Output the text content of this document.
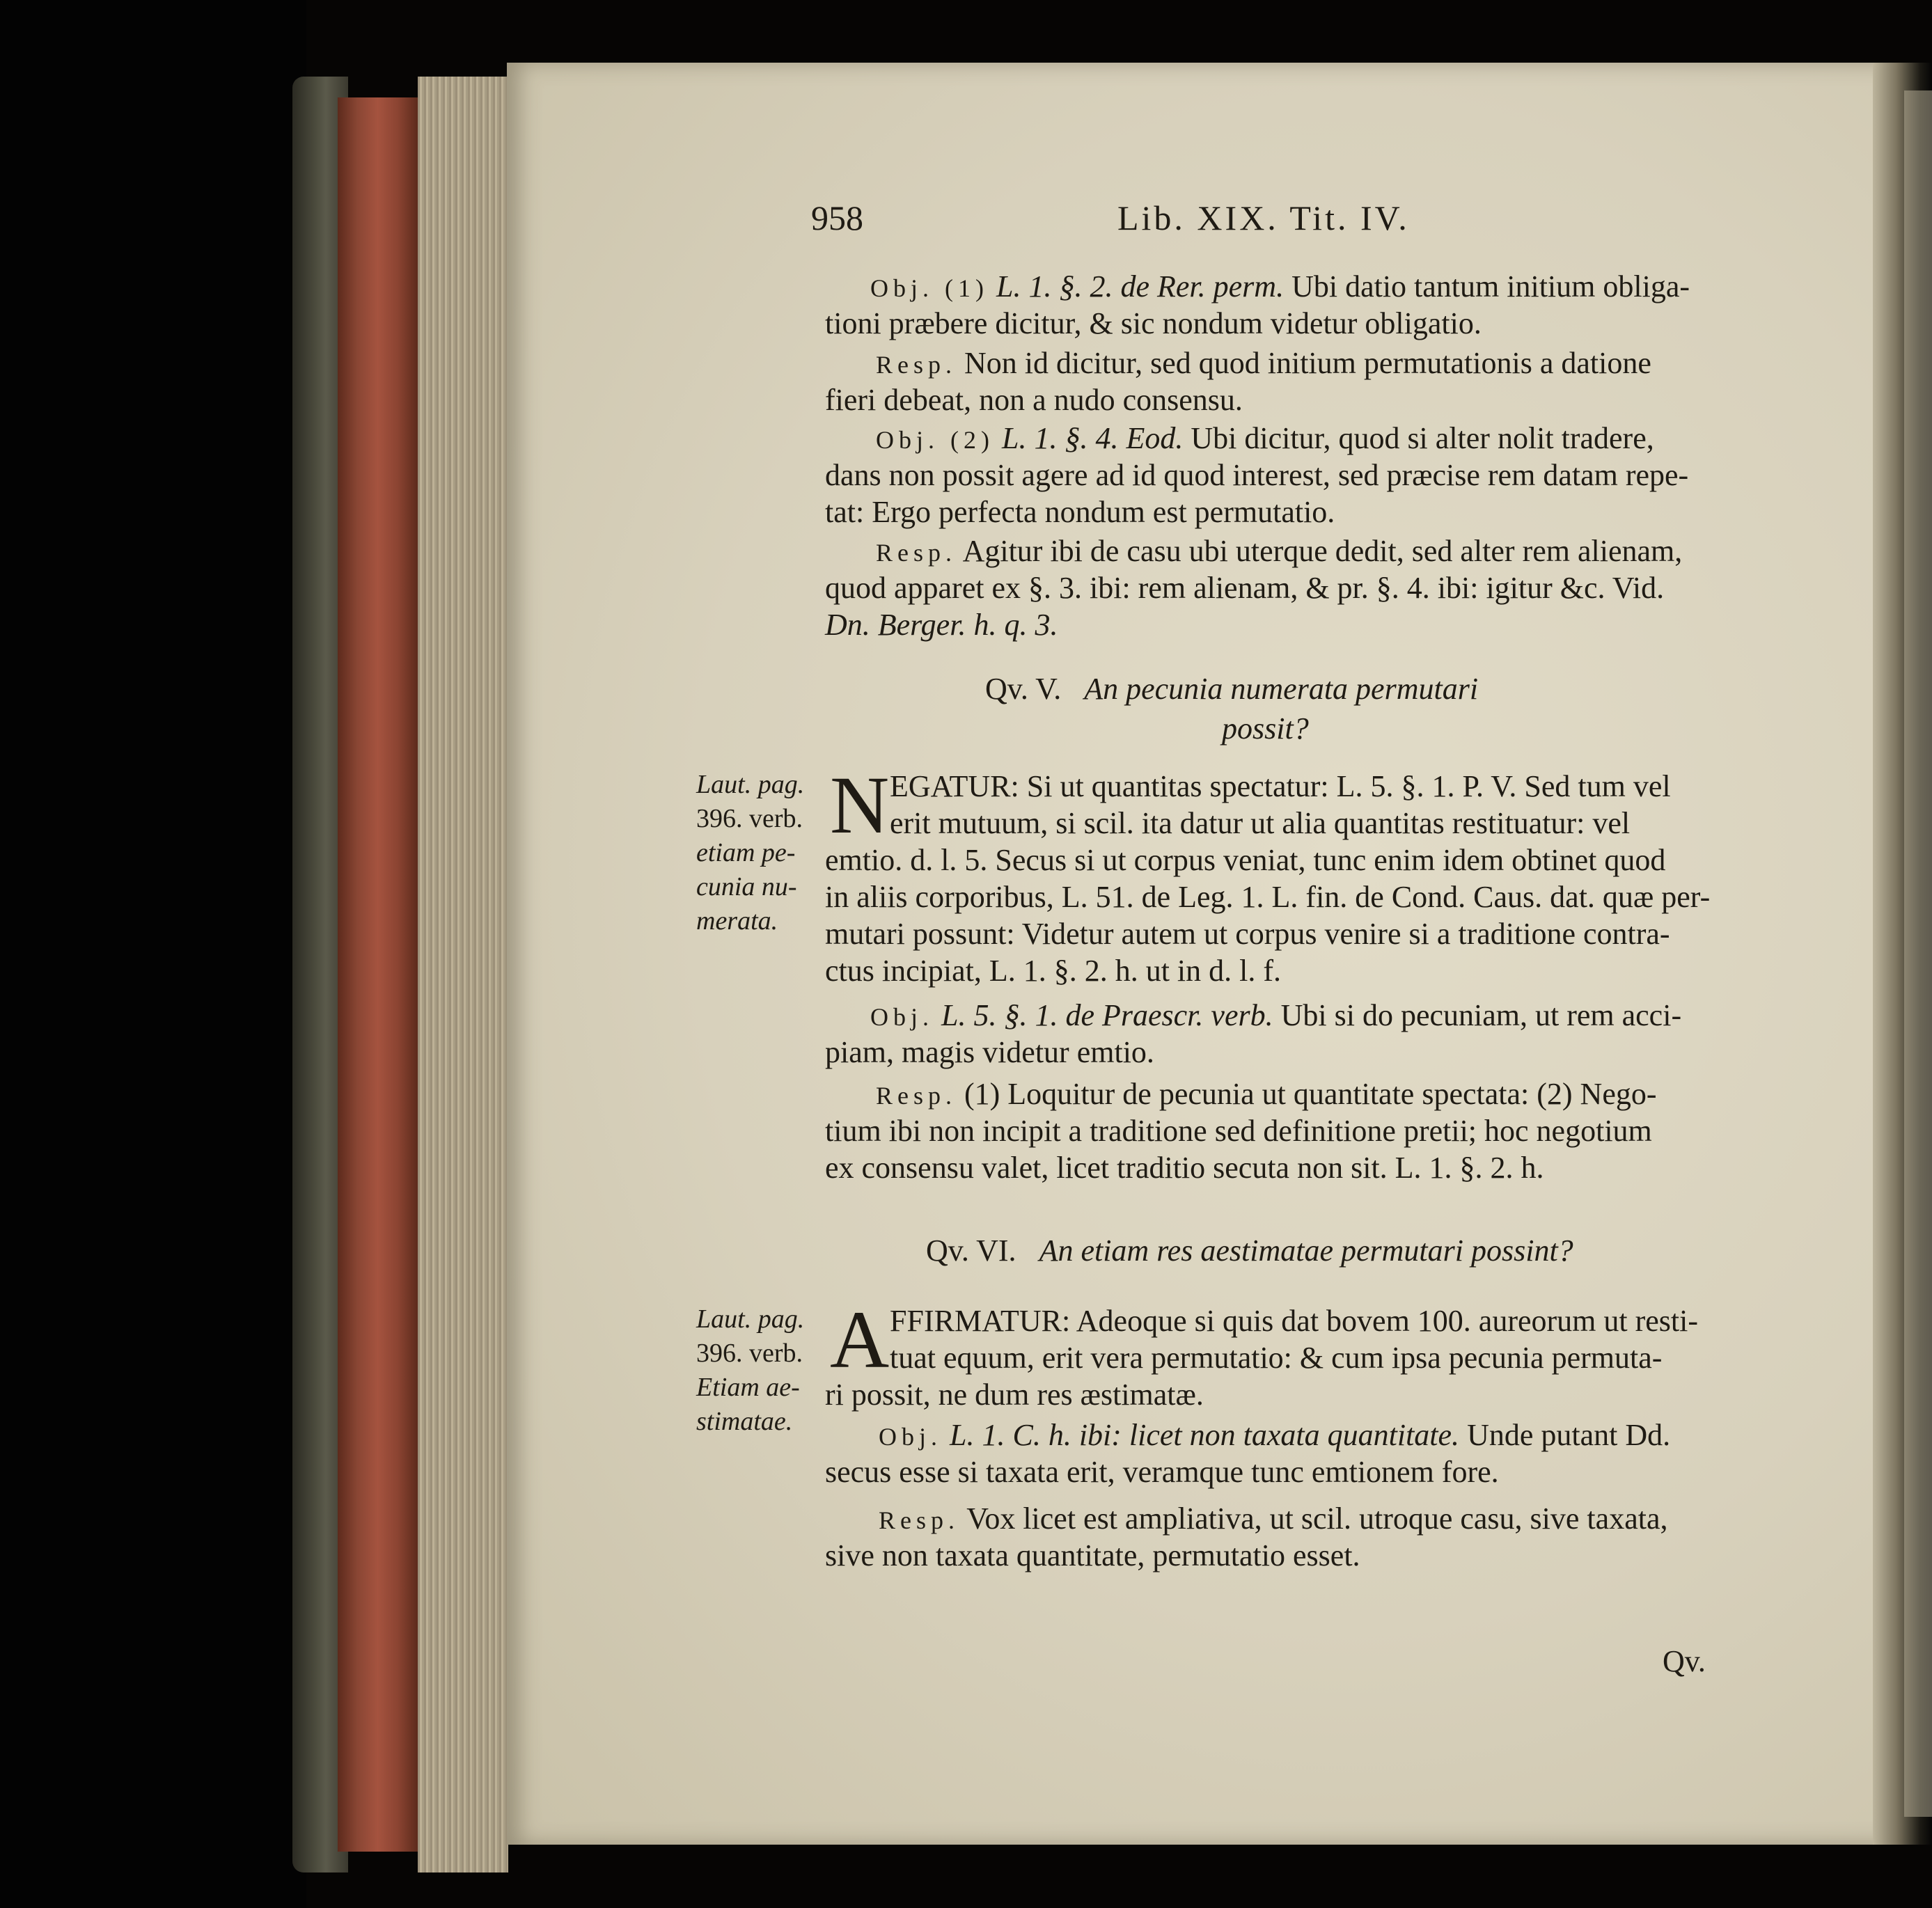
958	Lib. XIX. Tit. IV.

Obj. (1) L. 1. §. 2. de Rer. perm. Ubi datio tantum initium obliga-

tioni præbere dicitur, & sic nondum videtur obligatio.

Resp. Non id dicitur, sed quod initium permutationis a datione

fieri debeat, non a nudo consensu.

Obj. (2) L. 1. §. 4. Eod. Ubi dicitur, quod si alter nolit tradere,

dans non possit agere ad id quod interest, sed præcise rem datam repe-

tat: Ergo perfecta nondum est permutatio.

Resp. Agitur ibi de casu ubi uterque dedit, sed alter rem alienam,

quod apparet ex §. 3. ibi: rem alienam, & pr. §. 4. ibi: igitur &c. Vid.

Dn. Berger. h. q. 3.

Qv. V. An pecunia numerata permutari

possit?

Laut. pag.

396. verb.

etiam pe-

cunia nu-

merata.

N EGATUR: Si ut quantitas spectatur: L. 5. §. 1. P. V. Sed tum vel

erit mutuum, si scil. ita datur ut alia quantitas restituatur: vel

emtio. d. l. 5. Secus si ut corpus veniat, tunc enim idem obtinet quod

in aliis corporibus, L. 51. de Leg. 1. L. fin. de Cond. Caus. dat. quæ per-

mutari possunt: Videtur autem ut corpus venire si a traditione contra-

ctus incipiat, L. 1. §. 2. h. ut in d. l. f.

Obj. L. 5. §. 1. de Praescr. verb. Ubi si do pecuniam, ut rem acci-

piam, magis videtur emtio.

Resp. (1) Loquitur de pecunia ut quantitate spectata: (2) Nego-

tium ibi non incipit a traditione sed definitione pretii; hoc negotium

ex consensu valet, licet traditio secuta non sit. L. 1. §. 2. h.

Qv. VI. An etiam res aestimatae permutari possint?

Laut. pag.

396. verb.

Etiam ae-

stimatae.

A FFIRMATUR: Adeoque si quis dat bovem 100. aureorum ut resti-

tuat equum, erit vera permutatio: & cum ipsa pecunia permuta-

ri possit, ne dum res æstimatæ.

Obj. L. 1. C. h. ibi: licet non taxata quantitate. Unde putant Dd.

secus esse si taxata erit, veramque tunc emtionem fore.

Resp. Vox licet est ampliativa, ut scil. utroque casu, sive taxata,

sive non taxata quantitate, permutatio esset.

Qv.
